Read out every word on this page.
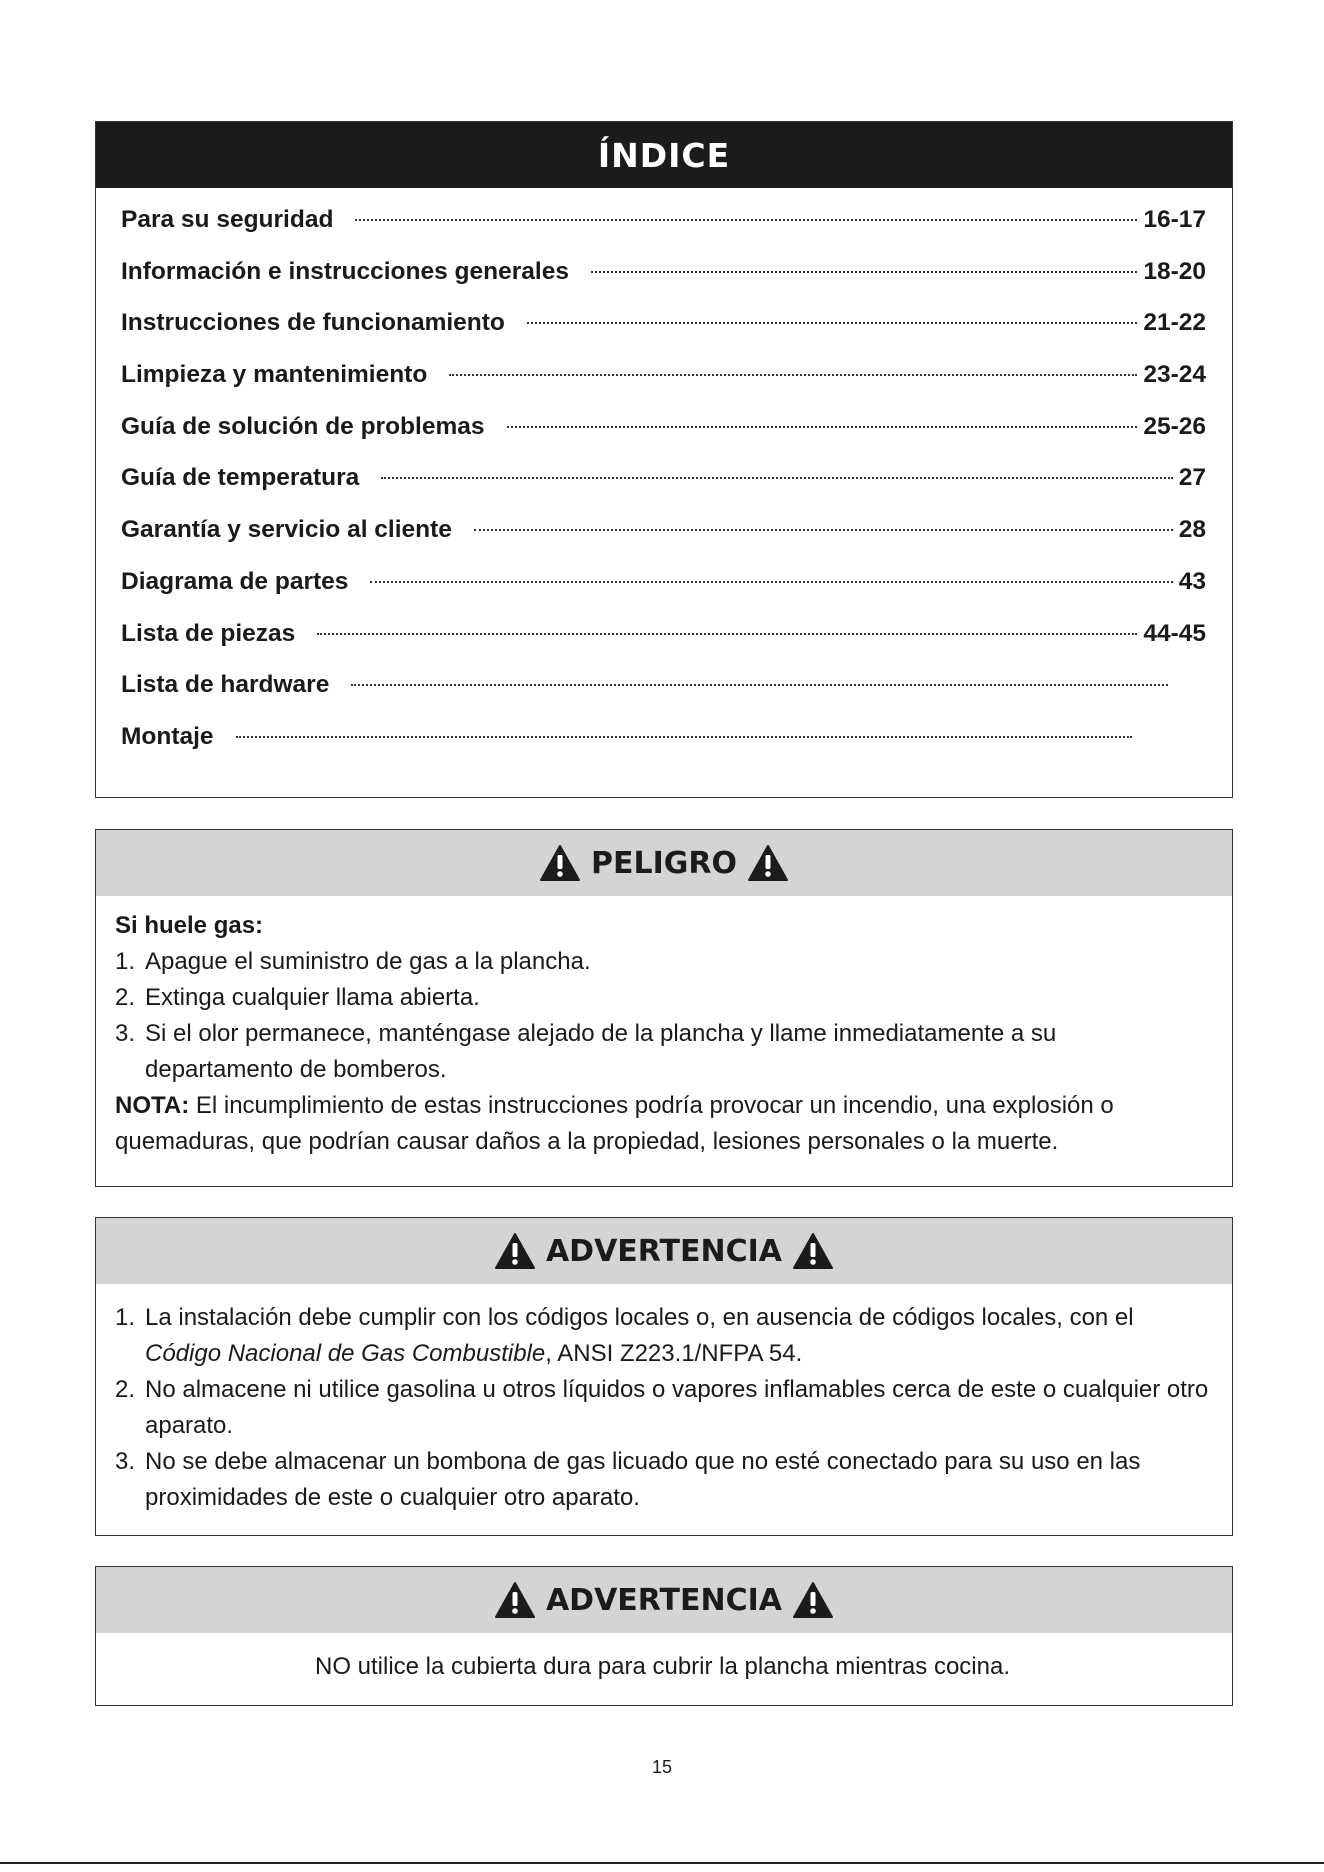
ÍNDICE
Para su seguridad	16-17
Información e instrucciones generales	18-20
Instrucciones de funcionamiento	21-22
Limpieza y mantenimiento	23-24
Guía de solución de problemas	25-26
Guía de temperatura	27
Garantía y servicio al cliente	28
Diagrama de partes	43
Lista de piezas	44-45
Lista de hardware
Montaje
PELIGRO
Si huele gas:
1. Apague el suministro de gas a la plancha.
2. Extinga cualquier llama abierta.
3. Si el olor permanece, manténgase alejado de la plancha y llame inmediatamente a su departamento de bomberos.
NOTA: El incumplimiento de estas instrucciones podría provocar un incendio, una explosión o quemaduras, que podrían causar daños a la propiedad, lesiones personales o la muerte.
ADVERTENCIA
1. La instalación debe cumplir con los códigos locales o, en ausencia de códigos locales, con el Código Nacional de Gas Combustible, ANSI Z223.1/NFPA 54.
2. No almacene ni utilice gasolina u otros líquidos o vapores inflamables cerca de este o cualquier otro aparato.
3. No se debe almacenar un bombona de gas licuado que no esté conectado para su uso en las proximidades de este o cualquier otro aparato.
ADVERTENCIA
NO utilice la cubierta dura para cubrir la plancha mientras cocina.
15
